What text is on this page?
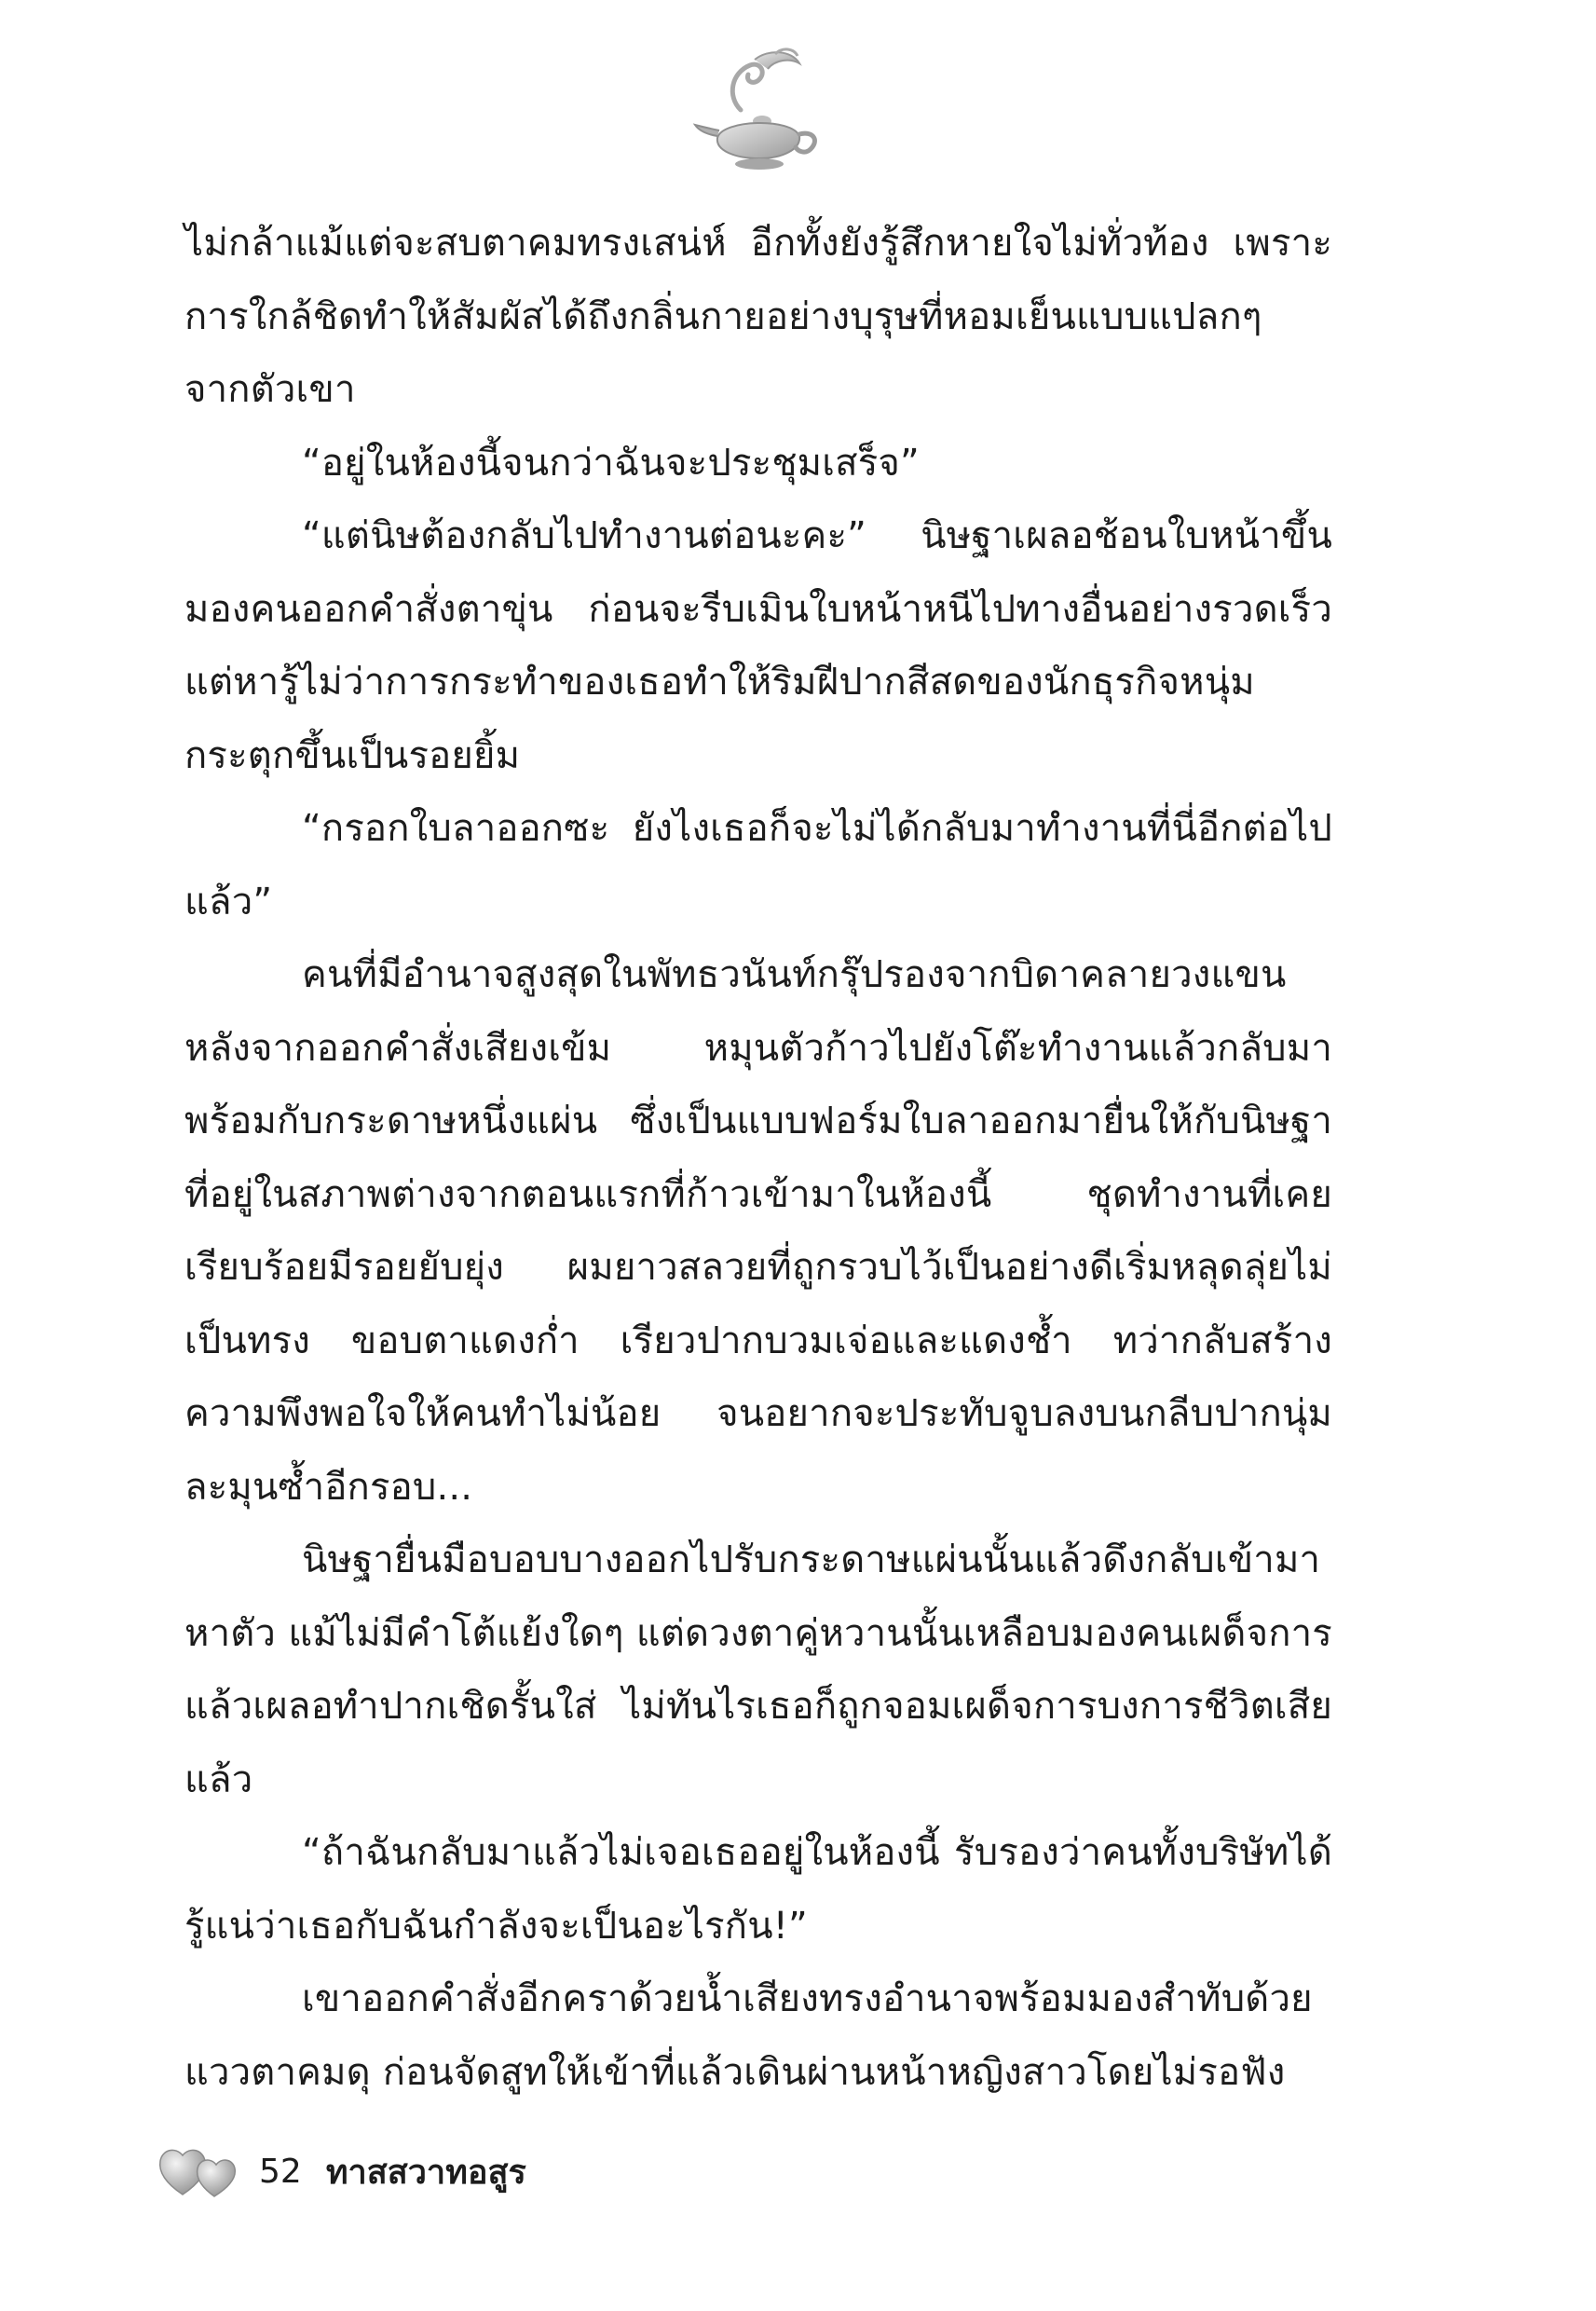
ไม่กล้าแม้แต่จะสบตาคมทรงเสน่ห์ อีกทั้งยังรู้สึกหายใจไม่ทั่วท้อง เพราะการใกล้ชิดทำให้สัมผัสได้ถึงกลิ่นกายอย่างบุรุษที่หอมเย็นแบบแปลกๆ จากตัวเขา

“อยู่ในห้องนี้จนกว่าฉันจะประชุมเสร็จ”

“แต่นิษต้องกลับไปทำงานต่อนะคะ” นิษฐาเผลอช้อนใบหน้าขึ้นมองคนออกคำสั่งตาขุ่น ก่อนจะรีบเมินใบหน้าหนีไปทางอื่นอย่างรวดเร็ว แต่หารู้ไม่ว่าการกระทำของเธอทำให้ริมฝีปากสีสดของนักธุรกิจหนุ่มกระตุกขึ้นเป็นรอยยิ้ม

“กรอกใบลาออกซะ ยังไงเธอก็จะไม่ได้กลับมาทำงานที่นี่อีกต่อไปแล้ว”

คนที่มีอำนาจสูงสุดในพัทธวนันท์กรุ๊ปรองจากบิดาคลายวงแขนหลังจากออกคำสั่งเสียงเข้ม หมุนตัวก้าวไปยังโต๊ะทำงานแล้วกลับมาพร้อมกับกระดาษหนึ่งแผ่น ซึ่งเป็นแบบฟอร์มใบลาออกมายื่นให้กับนิษฐาที่อยู่ในสภาพต่างจากตอนแรกที่ก้าวเข้ามาในห้องนี้ ชุดทำงานที่เคยเรียบร้อยมีรอยยับยุ่ง ผมยาวสลวยที่ถูกรวบไว้เป็นอย่างดีเริ่มหลุดลุ่ยไม่เป็นทรง ขอบตาแดงก่ำ เรียวปากบวมเจ่อและแดงช้ำ ทว่ากลับสร้างความพึงพอใจให้คนทำไม่น้อย จนอยากจะประทับจูบลงบนกลีบปากนุ่มละมุนซ้ำอีกรอบ...

นิษฐายื่นมือบอบบางออกไปรับกระดาษแผ่นนั้นแล้วดึงกลับเข้ามาหาตัว แม้ไม่มีคำโต้แย้งใดๆ แต่ดวงตาคู่หวานนั้นเหลือบมองคนเผด็จการแล้วเผลอทำปากเชิดรั้นใส่ ไม่ทันไรเธอก็ถูกจอมเผด็จการบงการชีวิตเสียแล้ว

“ถ้าฉันกลับมาแล้วไม่เจอเธออยู่ในห้องนี้ รับรองว่าคนทั้งบริษัทได้รู้แน่ว่าเธอกับฉันกำลังจะเป็นอะไรกัน!”

เขาออกคำสั่งอีกคราด้วยน้ำเสียงทรงอำนาจพร้อมมองสำทับด้วยแววตาคมดุ ก่อนจัดสูทให้เข้าที่แล้วเดินผ่านหน้าหญิงสาวโดยไม่รอฟัง

52 ทาสสวาทอสูร
